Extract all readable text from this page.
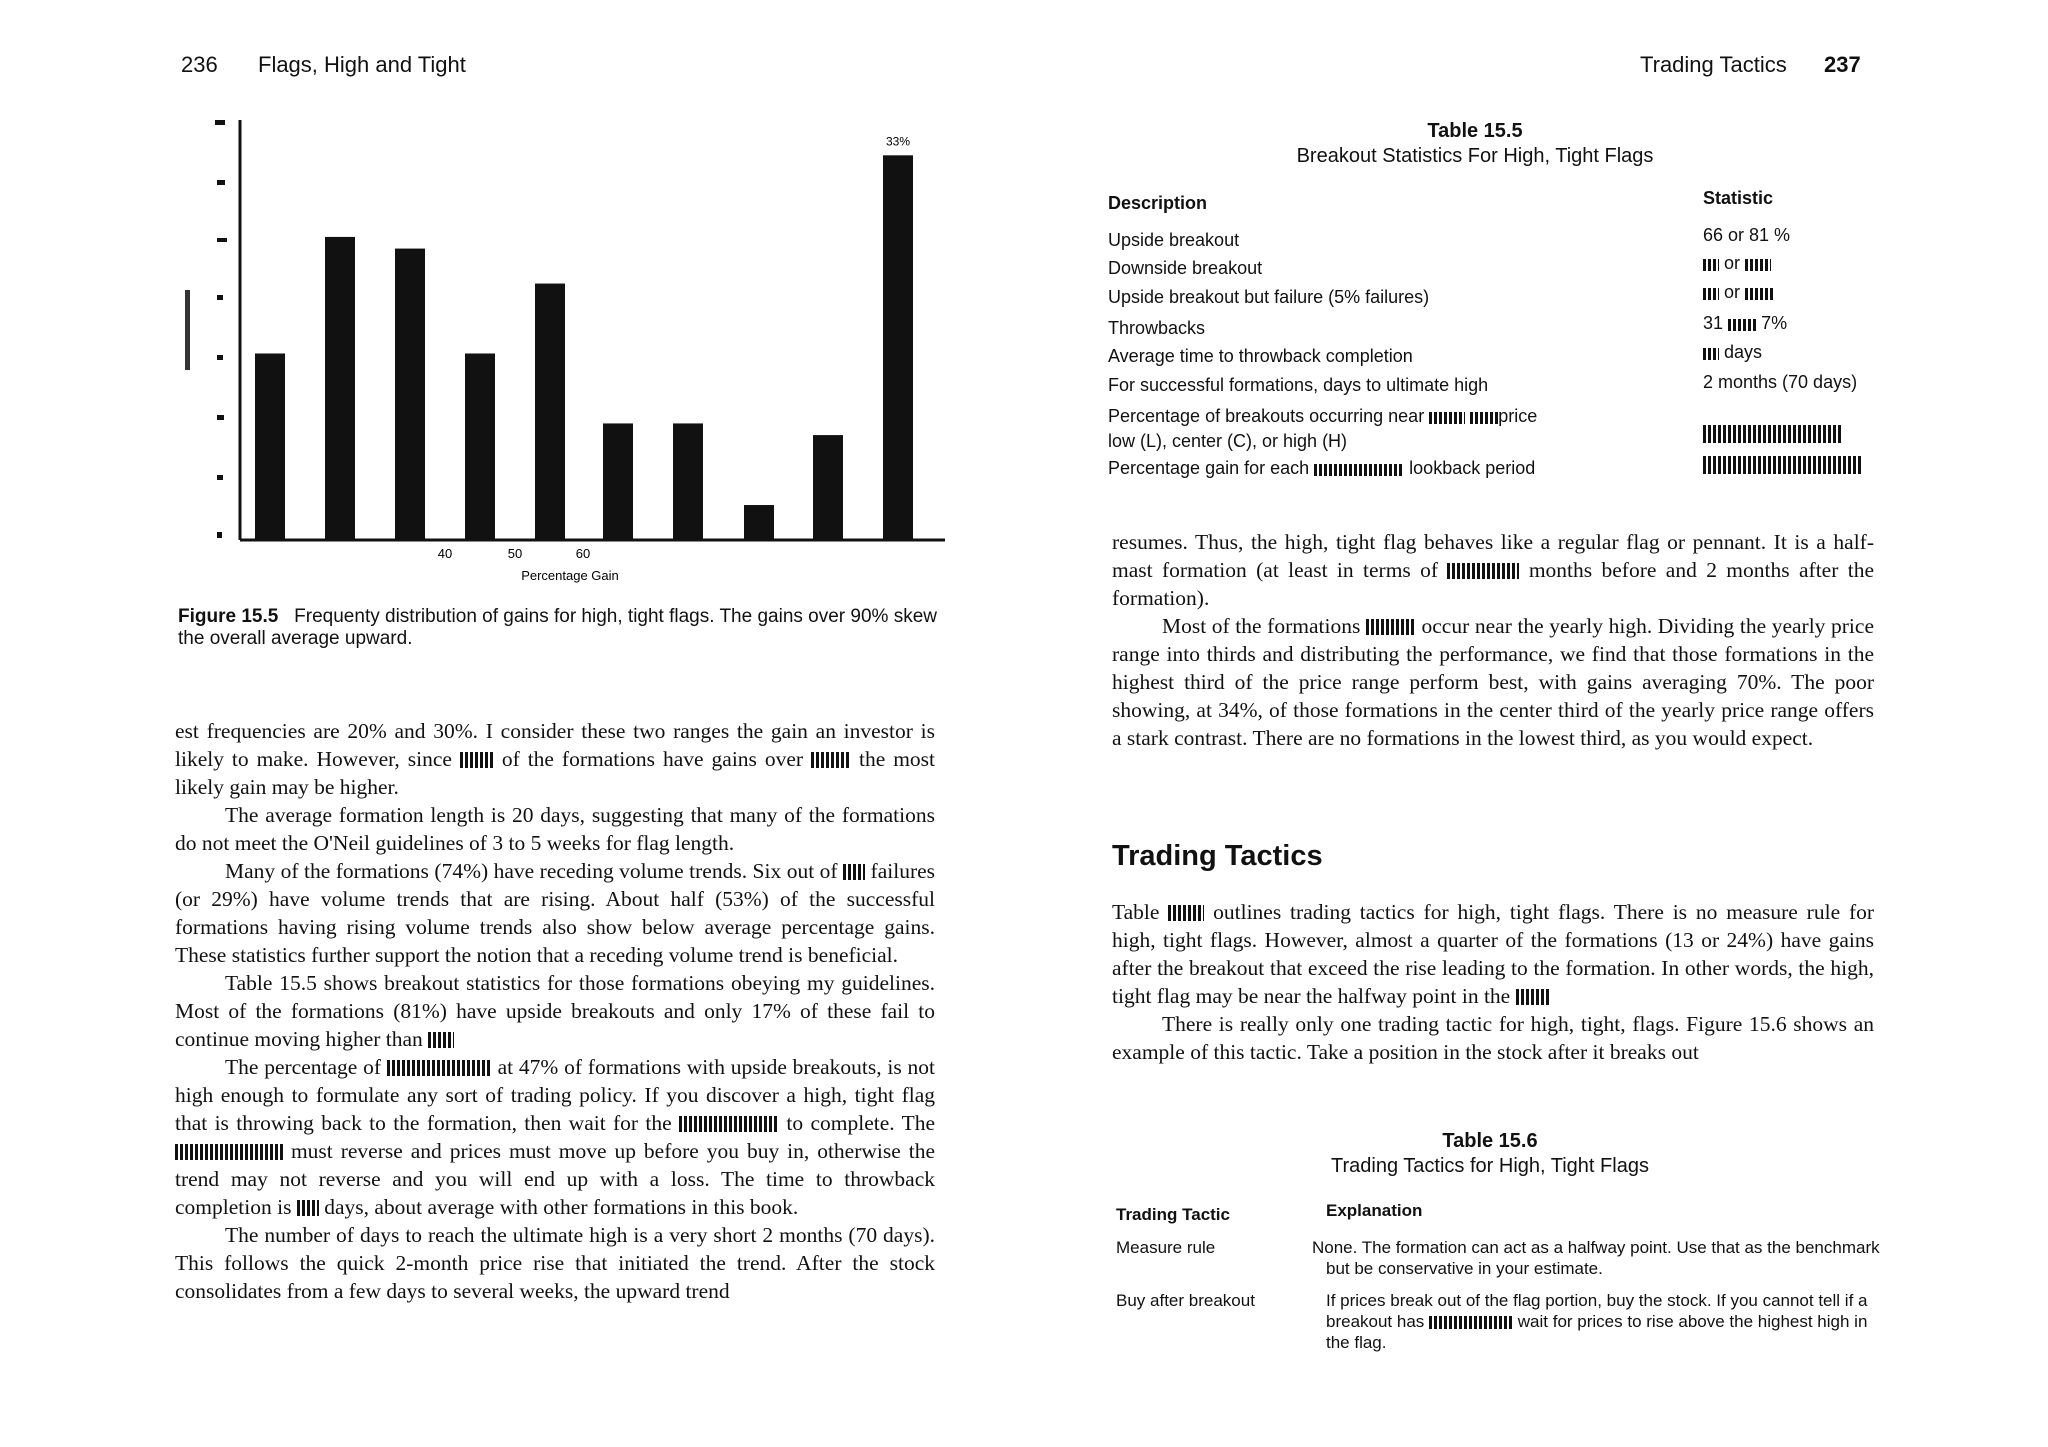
236 Flags, High and Tight	Trading Tactics 237
33%
40	50	60
Percentage Gain
Figure 15.5 Frequenty distribution of gains for high, tight flags. The gains over 90% skew the overall average upward.

est frequencies are 20% and 30%. I consider these two ranges the gain an investor is likely to make. However, since of the formations have gains over	the most likely gain may be higher.

The average formation length is 20 days, suggesting that many of the formations do not meet the O'Neil guidelines of 3 to 5 weeks for flag length.

Many of the formations (74%) have receding volume trends. Six out of failures (or 29%) have volume trends that are rising. About half (53%) of the successful formations having rising volume trends also show below average percentage gains. These statistics further support the notion that a receding volume trend is beneficial.

Table 15.5 shows breakout statistics for those formations obeying my guidelines. Most of the formations (81%) have upside breakouts and only 17% of these fail to continue moving higher than

The percentage of	at 47% of formations with upside breakouts, is not high enough to formulate any sort of trading policy. If you discover a high, tight flag that is throwing back to the formation, then wait for the	to complete. The  must reverse and prices must move up before you buy in, otherwise the trend may not reverse and you will end up with a loss. The time to throwback completion is days, about average with other formations in this book.

The number of days to reach the ultimate high is a very short 2 months (70 days). This follows the quick 2-month price rise that initiated the trend. After the stock consolidates from a few days to several weeks, the upward trend

Table 15.5
Breakout Statistics For High, Tight Flags
Description	Statistic
Upside breakout	66 or 81 %
Downside breakout	or
Upside breakout but failure (5% failures)	or
Throwbacks	31 7%
Average time to throwback completion	days
For successful formations, days to ultimate high	2 months (70 days)
Percentage of breakouts occurring near	price
low (L), center (C), or high (H)
Percentage gain for each	lookback period

resumes. Thus, the high, tight flag behaves like a regular flag or pennant. It is a half-mast formation (at least in terms of	months before and 2 months after the formation).

Most of the formations	occur near the yearly high. Dividing the yearly price range into thirds and distributing the performance, we find that those formations in the highest third of the price range perform best, with gains averaging 70%. The poor showing, at 34%, of those formations in the center third of the yearly price range offers a stark contrast. There are no formations in the lowest third, as you would expect.

Trading Tactics

Table outlines trading tactics for high, tight flags. There is no measure rule for high, tight flags. However, almost a quarter of the formations (13 or 24%) have gains after the breakout that exceed the rise leading to the formation. In other words, the high, tight flag may be near the halfway point in the

There is really only one trading tactic for high, tight, flags. Figure 15.6 shows an example of this tactic. Take a position in the stock after it breaks out

Table 15.6
Trading Tactics for High, Tight Flags
Trading Tactic	Explanation
Measure rule	None. The formation can act as a halfway point. Use that as the benchmark but be conservative in your estimate.
Buy after breakout	If prices break out of the flag portion, buy the stock. If you cannot tell if a breakout has	wait for prices to rise above the highest high in the flag.
